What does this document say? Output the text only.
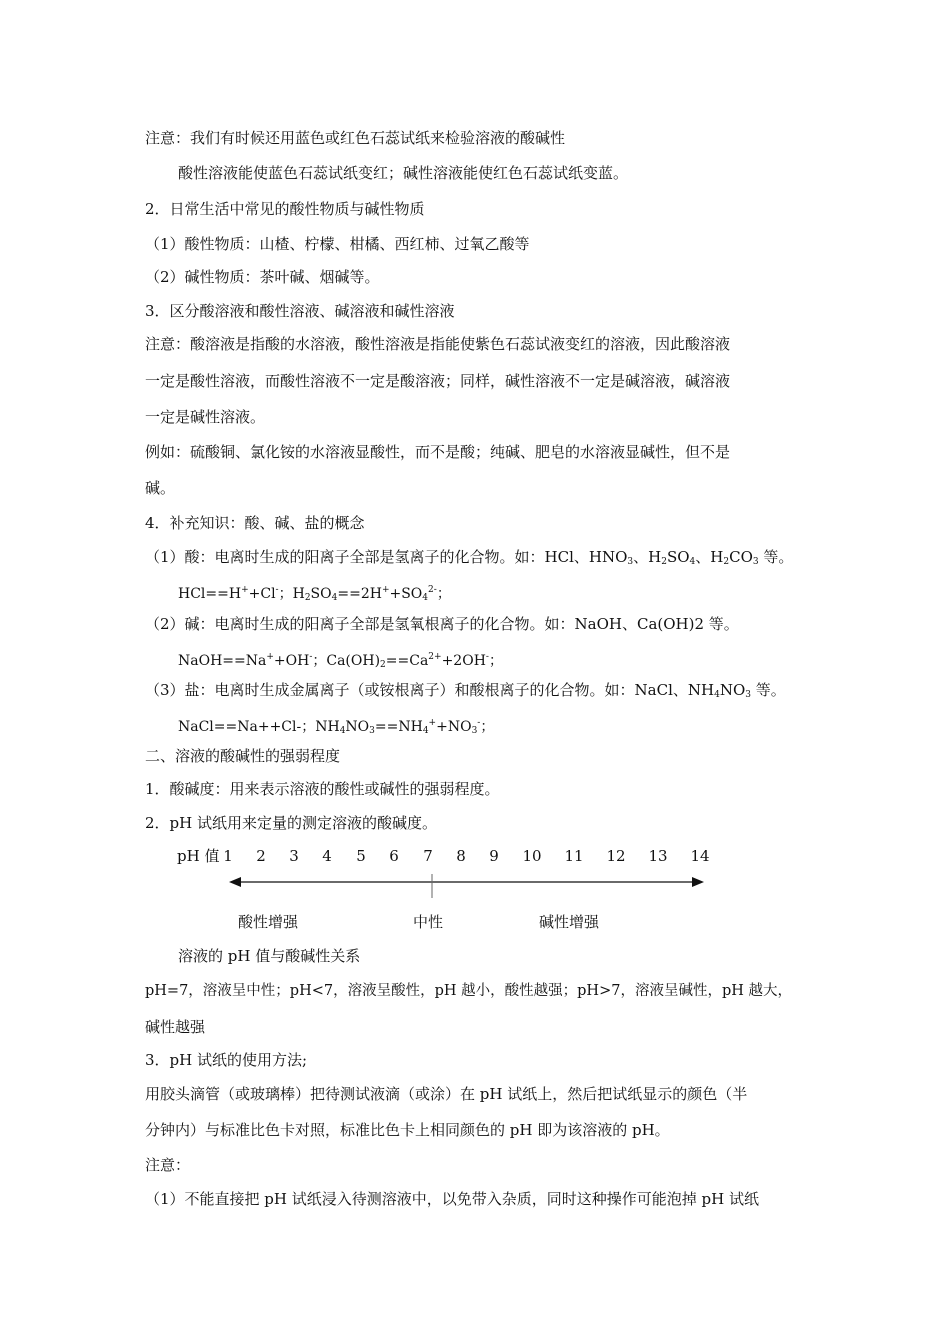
注意：我们有时候还用蓝色或红色石蕊试纸来检验溶液的酸碱性
酸性溶液能使蓝色石蕊试纸变红；碱性溶液能使红色石蕊试纸变蓝。
2．日常生活中常见的酸性物质与碱性物质
（1）酸性物质：山楂、柠檬、柑橘、西红柿、过氧乙酸等
（2）碱性物质：茶叶碱、烟碱等。
3．区分酸溶液和酸性溶液、碱溶液和碱性溶液
注意：酸溶液是指酸的水溶液，酸性溶液是指能使紫色石蕊试液变红的溶液，因此酸溶液
一定是酸性溶液，而酸性溶液不一定是酸溶液；同样，碱性溶液不一定是碱溶液，碱溶液
一定是碱性溶液。
例如：硫酸铜、氯化铵的水溶液显酸性，而不是酸；纯碱、肥皂的水溶液显碱性，但不是
碱。
4．补充知识：酸、碱、盐的概念
（1）酸：电离时生成的阳离子全部是氢离子的化合物。如：HCl、$HNO_3$、$H_2SO_4$、$H_2CO_3$ 等。
HCl==H++Cl-；$H_2SO_4==2H^++SO_4^{2-}$；
（2）碱：电离时生成的阳离子全部是氢氧根离子的化合物。如：NaOH、Ca(OH)2 等。
NaOH==Na++OH-；$Ca(OH)_2==Ca^{2+}+2OH^-$；
（3）盐：电离时生成金属离子（或铵根离子）和酸根离子的化合物。如：NaCl、$NH_4NO_3$ 等。
NaCl==Na++Cl-；$NH_4NO_3==NH_4^++NO_3^-$；
二、溶液的酸碱性的强弱程度
1．酸碱度：用来表示溶液的酸性或碱性的强弱程度。
2．pH 试纸用来定量的测定溶液的酸碱度。
pH 值 1 2 3 4 5 6 7 8 9 10 11 12 13 14
酸性增强	中性	碱性增强
溶液的 pH 值与酸碱性关系
pH=7，溶液呈中性；pH<7，溶液呈酸性，pH 越小，酸性越强；pH>7，溶液呈碱性，pH 越大，
碱性越强
3．pH 试纸的使用方法;
用胶头滴管（或玻璃棒）把待测试液滴（或涂）在 pH 试纸上，然后把试纸显示的颜色（半
分钟内）与标准比色卡对照，标准比色卡上相同颜色的 pH 即为该溶液的 pH。
注意：
（1）不能直接把 pH 试纸浸入待测溶液中，以免带入杂质，同时这种操作可能泡掉 pH 试纸
